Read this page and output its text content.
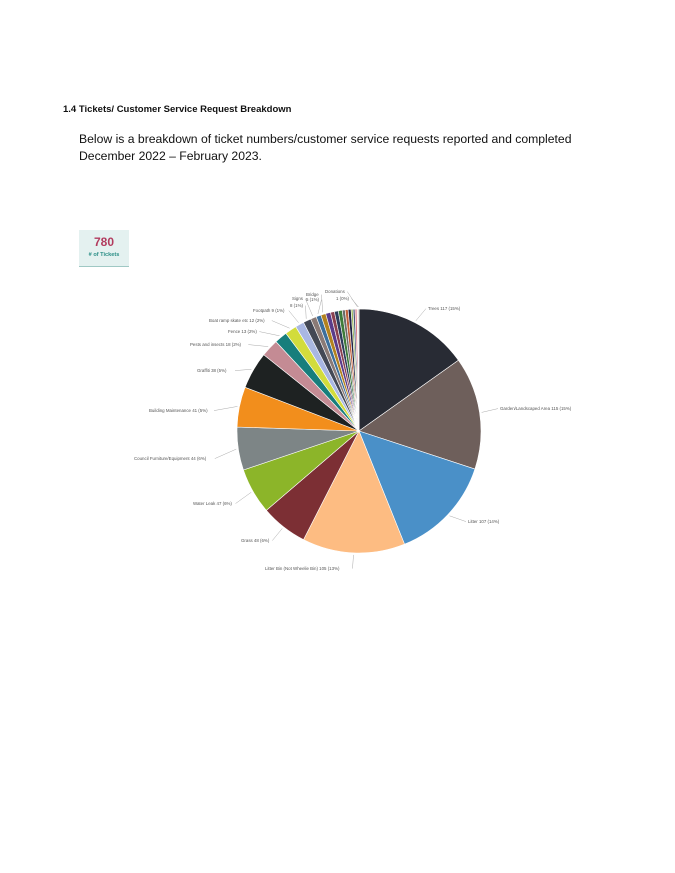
1.4 Tickets/ Customer Service Request Breakdown
Below is a breakdown of ticket numbers/customer service requests reported and completed
December 2022 – February 2023.
780
# of Tickets
Trees 117 (15%)
Garden/Landscaped Area 115 (15%)
Litter 107 (14%)
Litter Bin (Not Wheelie Bin) 105 (13%)
Grass 48 (6%)
Water Leak 47 (6%)
Council Furniture/Equipment 44 (6%)
Building Maintenance 41 (5%)
Graffiti 38 (5%)
Pests and insects 18 (2%)
Fence 13 (2%)
Boat ramp skate etc 12 (2%)
Footpath 9 (1%)
8 (1%)
Signs 5 (1%)
Bridge
Donations
1 (0%)
